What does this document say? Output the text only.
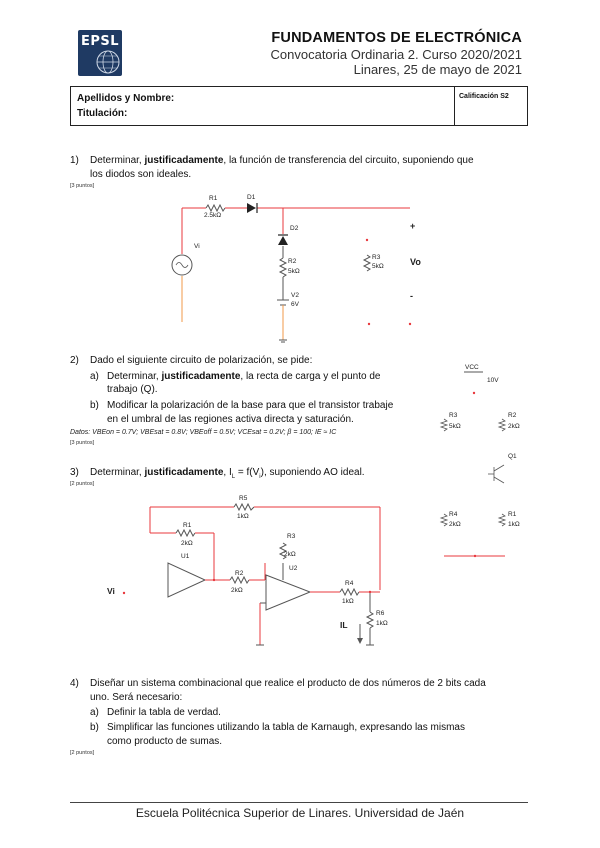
EPSL	FUNDAMENTOS DE ELECTRÓNICA
Convocatoria Ordinaria 2. Curso 2020/2021
Linares, 25 de mayo de 2021
Apellidos y Nombre:
Titulación:
Calificación S2
1) Determinar, justificadamente, la función de transferencia del circuito, suponiendo que
los diodos son ideales.
[3 puntos]
R1
2.5kΩ
D1
D2
Vi
R2
5kΩ
V2
6V
R3
5kΩ
+
Vo
-
2) Dado el siguiente circuito de polarización, se pide:
a) Determinar, justificadamente, la recta de carga y el punto de
trabajo (Q).
b) Modificar la polarización de la base para que el transistor trabaje
en el umbral de las regiones activa directa y saturación.
Datos: VBEon = 0.7V; VBEsat = 0.8V; VBEoff = 0.5V; VCEsat = 0.2V; β = 100; IE ≈ IC
[3 puntos]
VCC
10V
R3
5kΩ
R2
2kΩ
Q1
R4
2kΩ
R1
1kΩ
3) Determinar, justificadamente, $I_L = f(V_i)$, suponiendo AO ideal.
[2 puntos]
R5
1kΩ
R1
2kΩ
U1
R3
2kΩ
U2
R2
2kΩ
R4
1kΩ
R6
1kΩ
Vi
IL
4) Diseñar un sistema combinacional que realice el producto de dos números de 2 bits cada
uno. Será necesario:
a) Definir la tabla de verdad.
b) Simplificar las funciones utilizando la tabla de Karnaugh, expresando las mismas
como producto de sumas.
[2 puntos]
Escuela Politécnica Superior de Linares. Universidad de Jaén
